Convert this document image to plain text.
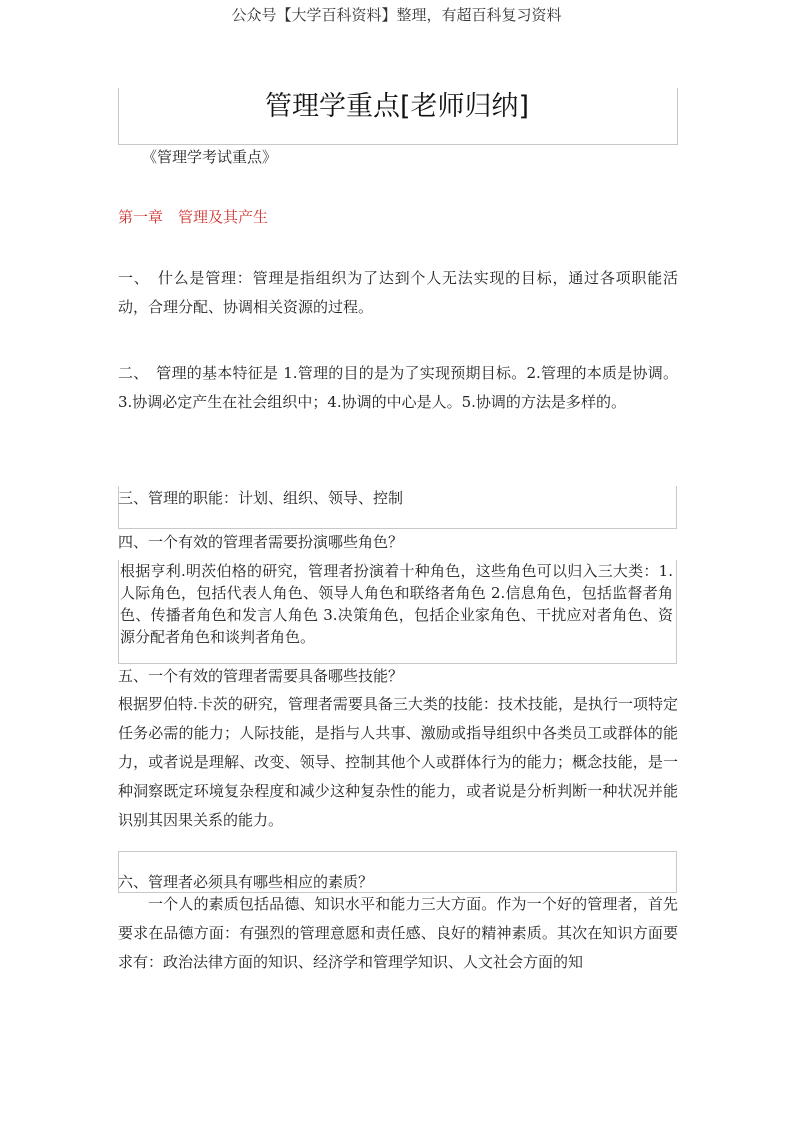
公众号【大学百科资料】整理，有超百科复习资料
管理学重点[老师归纳]
《管理学考试重点》
第一章　管理及其产生

一、　什么是管理：管理是指组织为了达到个人无法实现的目标，通过各项职能活动，合理分配、协调相关资源的过程。

二、　管理的基本特征是 1.管理的目的是为了实现预期目标。2.管理的本质是协调。3.协调必定产生在社会组织中；4.协调的中心是人。5.协调的方法是多样的。

三、管理的职能：计划、组织、领导、控制
四、一个有效的管理者需要扮演哪些角色？

根据亨利.明茨伯格的研究，管理者扮演着十种角色，这些角色可以归入三大类：1.人际角色，包括代表人角色、领导人角色和联络者角色 2.信息角色，包括监督者角色、传播者角色和发言人角色 3.决策角色，包括企业家角色、干扰应对者角色、资源分配者角色和谈判者角色。

五、一个有效的管理者需要具备哪些技能？

根据罗伯特.卡茨的研究，管理者需要具备三大类的技能：技术技能，是执行一项特定任务必需的能力；人际技能，是指与人共事、激励或指导组织中各类员工或群体的能力，或者说是理解、改变、领导、控制其他个人或群体行为的能力；概念技能，是一种洞察既定环境复杂程度和减少这种复杂性的能力，或者说是分析判断一种状况并能识别其因果关系的能力。

六、管理者必须具有哪些相应的素质？

一个人的素质包括品德、知识水平和能力三大方面。作为一个好的管理者，首先要求在品德方面：有强烈的管理意愿和责任感、良好的精神素质。其次在知识方面要求有：政治法律方面的知识、经济学和管理学知识、人文社会方面的知
